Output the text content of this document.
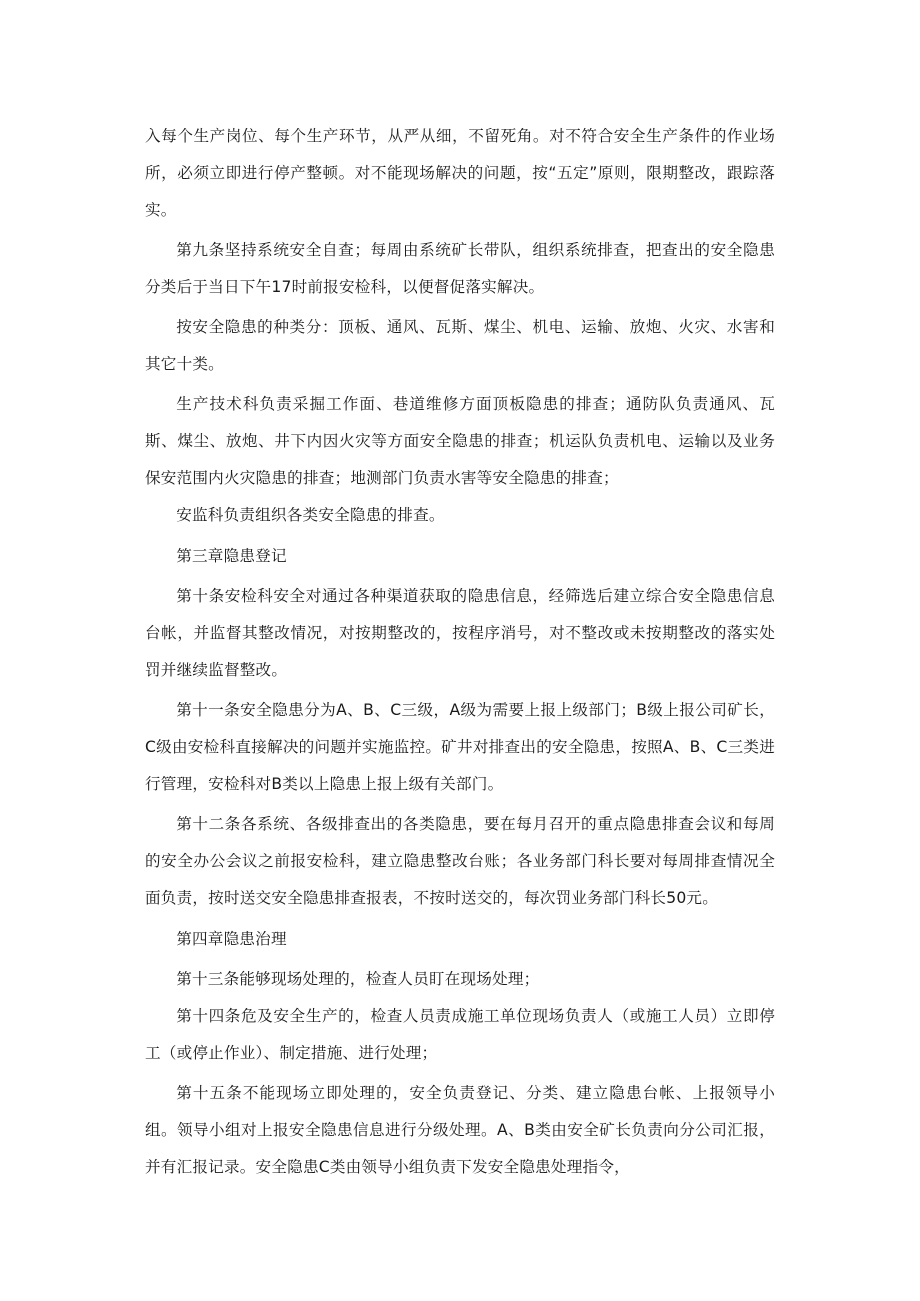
入每个生产岗位、每个生产环节，从严从细，不留死角。对不符合安全生产条件的作业场所，必须立即进行停产整顿。对不能现场解决的问题，按“五定”原则，限期整改，跟踪落实。

第九条坚持系统安全自查；每周由系统矿长带队，组织系统排查，把查出的安全隐患分类后于当日下午17时前报安检科，以便督促落实解决。

按安全隐患的种类分：顶板、通风、瓦斯、煤尘、机电、运输、放炮、火灾、水害和其它十类。

生产技术科负责采掘工作面、巷道维修方面顶板隐患的排查；通防队负责通风、瓦斯、煤尘、放炮、井下内因火灾等方面安全隐患的排查；机运队负责机电、运输以及业务保安范围内火灾隐患的排查；地测部门负责水害等安全隐患的排查；

安监科负责组织各类安全隐患的排查。

第三章隐患登记

第十条安检科安全对通过各种渠道获取的隐患信息，经筛选后建立综合安全隐患信息台帐，并监督其整改情况，对按期整改的，按程序消号，对不整改或未按期整改的落实处罚并继续监督整改。

第十一条安全隐患分为A、B、C三级，A级为需要上报上级部门；B级上报公司矿长，C级由安检科直接解决的问题并实施监控。矿井对排查出的安全隐患，按照A、B、C三类进行管理，安检科对B类以上隐患上报上级有关部门。

第十二条各系统、各级排查出的各类隐患，要在每月召开的重点隐患排查会议和每周的安全办公会议之前报安检科，建立隐患整改台账；各业务部门科长要对每周排查情况全面负责，按时送交安全隐患排查报表，不按时送交的，每次罚业务部门科长50元。

第四章隐患治理

第十三条能够现场处理的，检查人员盯在现场处理；

第十四条危及安全生产的，检查人员责成施工单位现场负责人（或施工人员）立即停工（或停止作业）、制定措施、进行处理；

第十五条不能现场立即处理的，安全负责登记、分类、建立隐患台帐、上报领导小组。领导小组对上报安全隐患信息进行分级处理。A、B类由安全矿长负责向分公司汇报，并有汇报记录。安全隐患C类由领导小组负责下发安全隐患处理指令，
